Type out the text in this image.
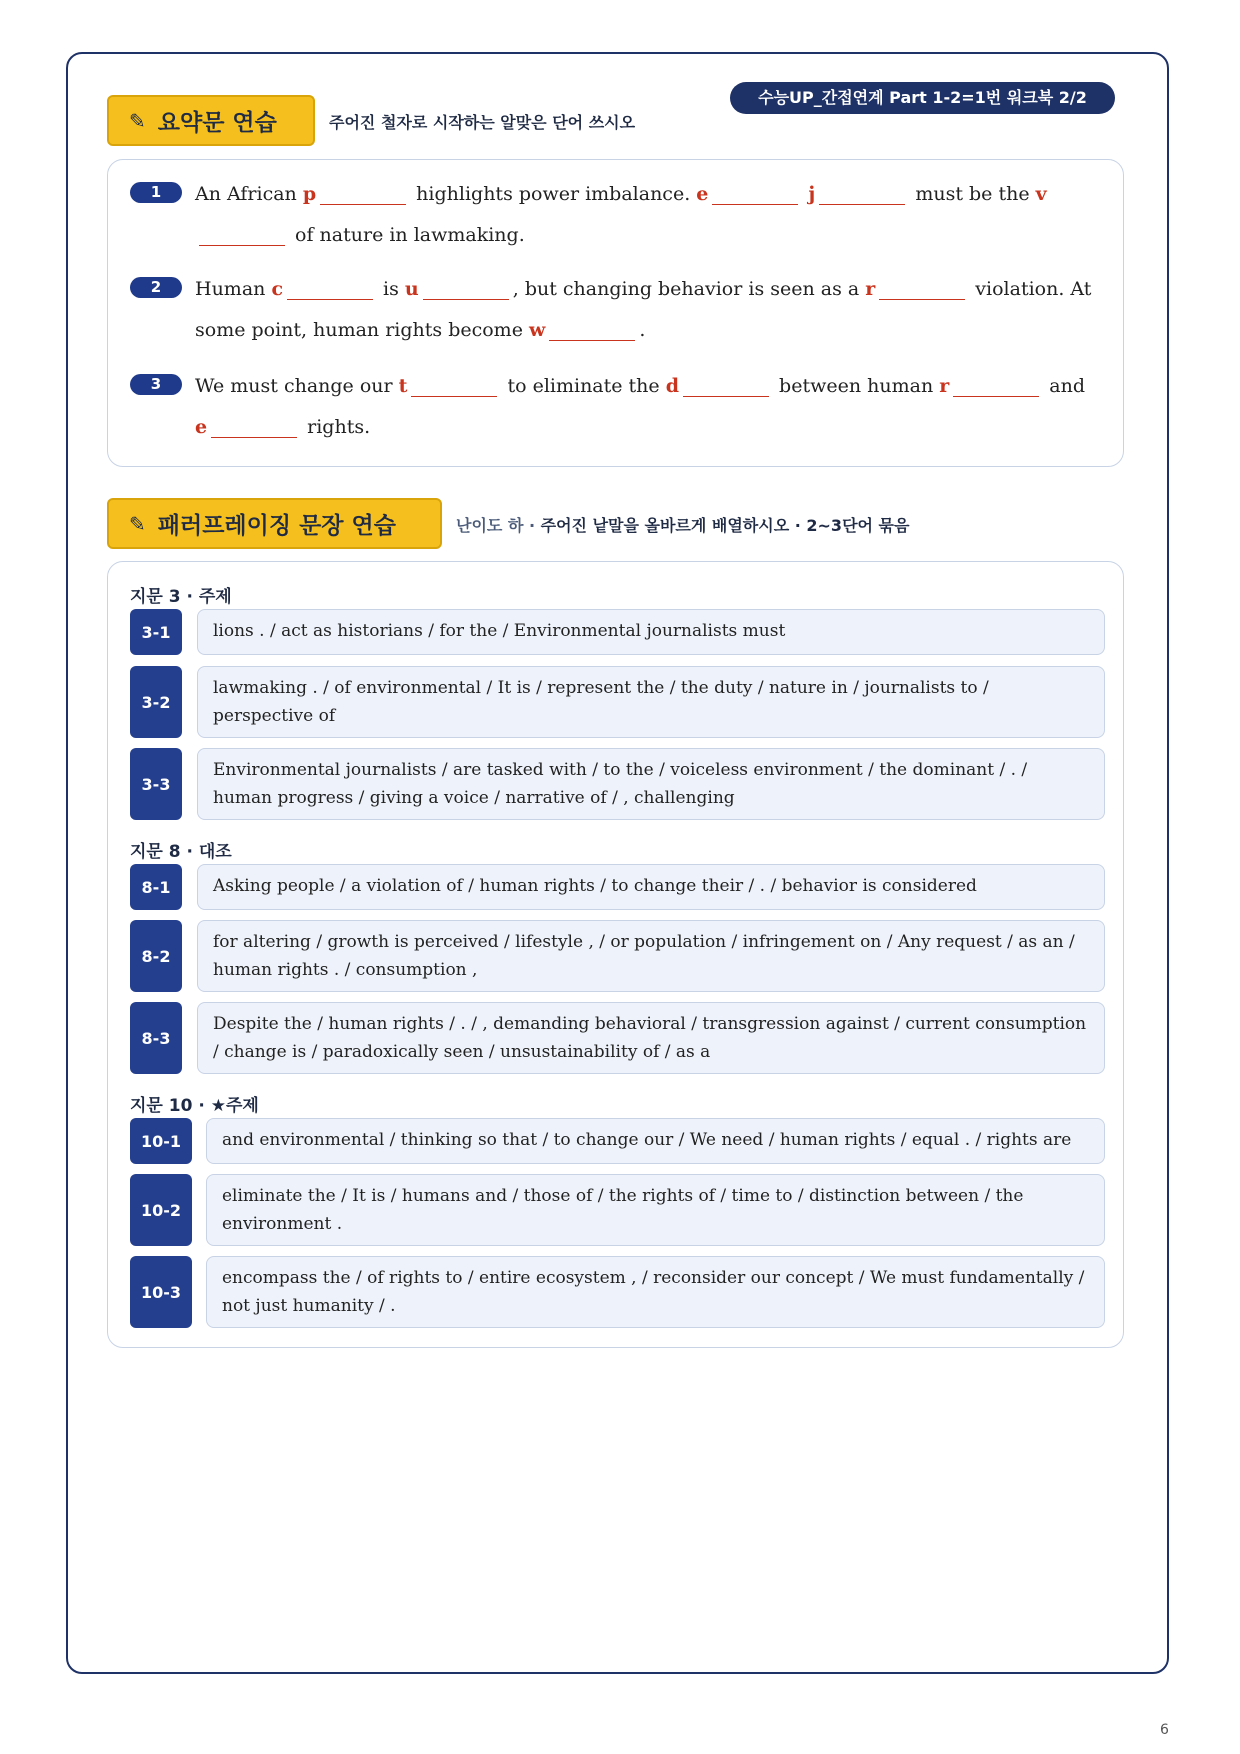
수능UP_간접연계 Part 1-2=1번 워크북 2/2
✎ 요약문 연습	주어진 철자로 시작하는 알맞은 단어 쓰시오
1	An African p	highlights power imbalance. e	j	must be the v of nature in lawmaking.
2	Human c	is u	, but changing behavior is seen as a r	violation. At some point, human rights become w	.
3	We must change our t	to eliminate the d	between human r	and e	rights.
✎ 패러프레이징 문장 연습	난이도 하 · 주어진 낱말을 올바르게 배열하시오 · 2~3단어 묶음
지문 3 · 주제
3-1	lions . / act as historians / for the / Environmental journalists must
3-2
lawmaking . / of environmental / It is / represent the / the duty / nature in / journalists to / perspective of
3-3
Environmental journalists / are tasked with / to the / voiceless environment / the dominant / . / human progress / giving a voice / narrative of / , challenging
지문 8 · 대조
8-1	Asking people / a violation of / human rights / to change their / . / behavior is considered
8-2
for altering / growth is perceived / lifestyle , / or population / infringement on / Any request / as an / human rights . / consumption ,
8-3
Despite the / human rights / . / , demanding behavioral / transgression against / current consumption / change is / paradoxically seen / unsustainability of / as a
지문 10 · ★주제
10-1	and environmental / thinking so that / to change our / We need / human rights / equal . / rights are
10-2
eliminate the / It is / humans and / those of / the rights of / time to / distinction between / the environment .
10-3
encompass the / of rights to / entire ecosystem , / reconsider our concept / We must fundamentally / not just humanity / .
6
